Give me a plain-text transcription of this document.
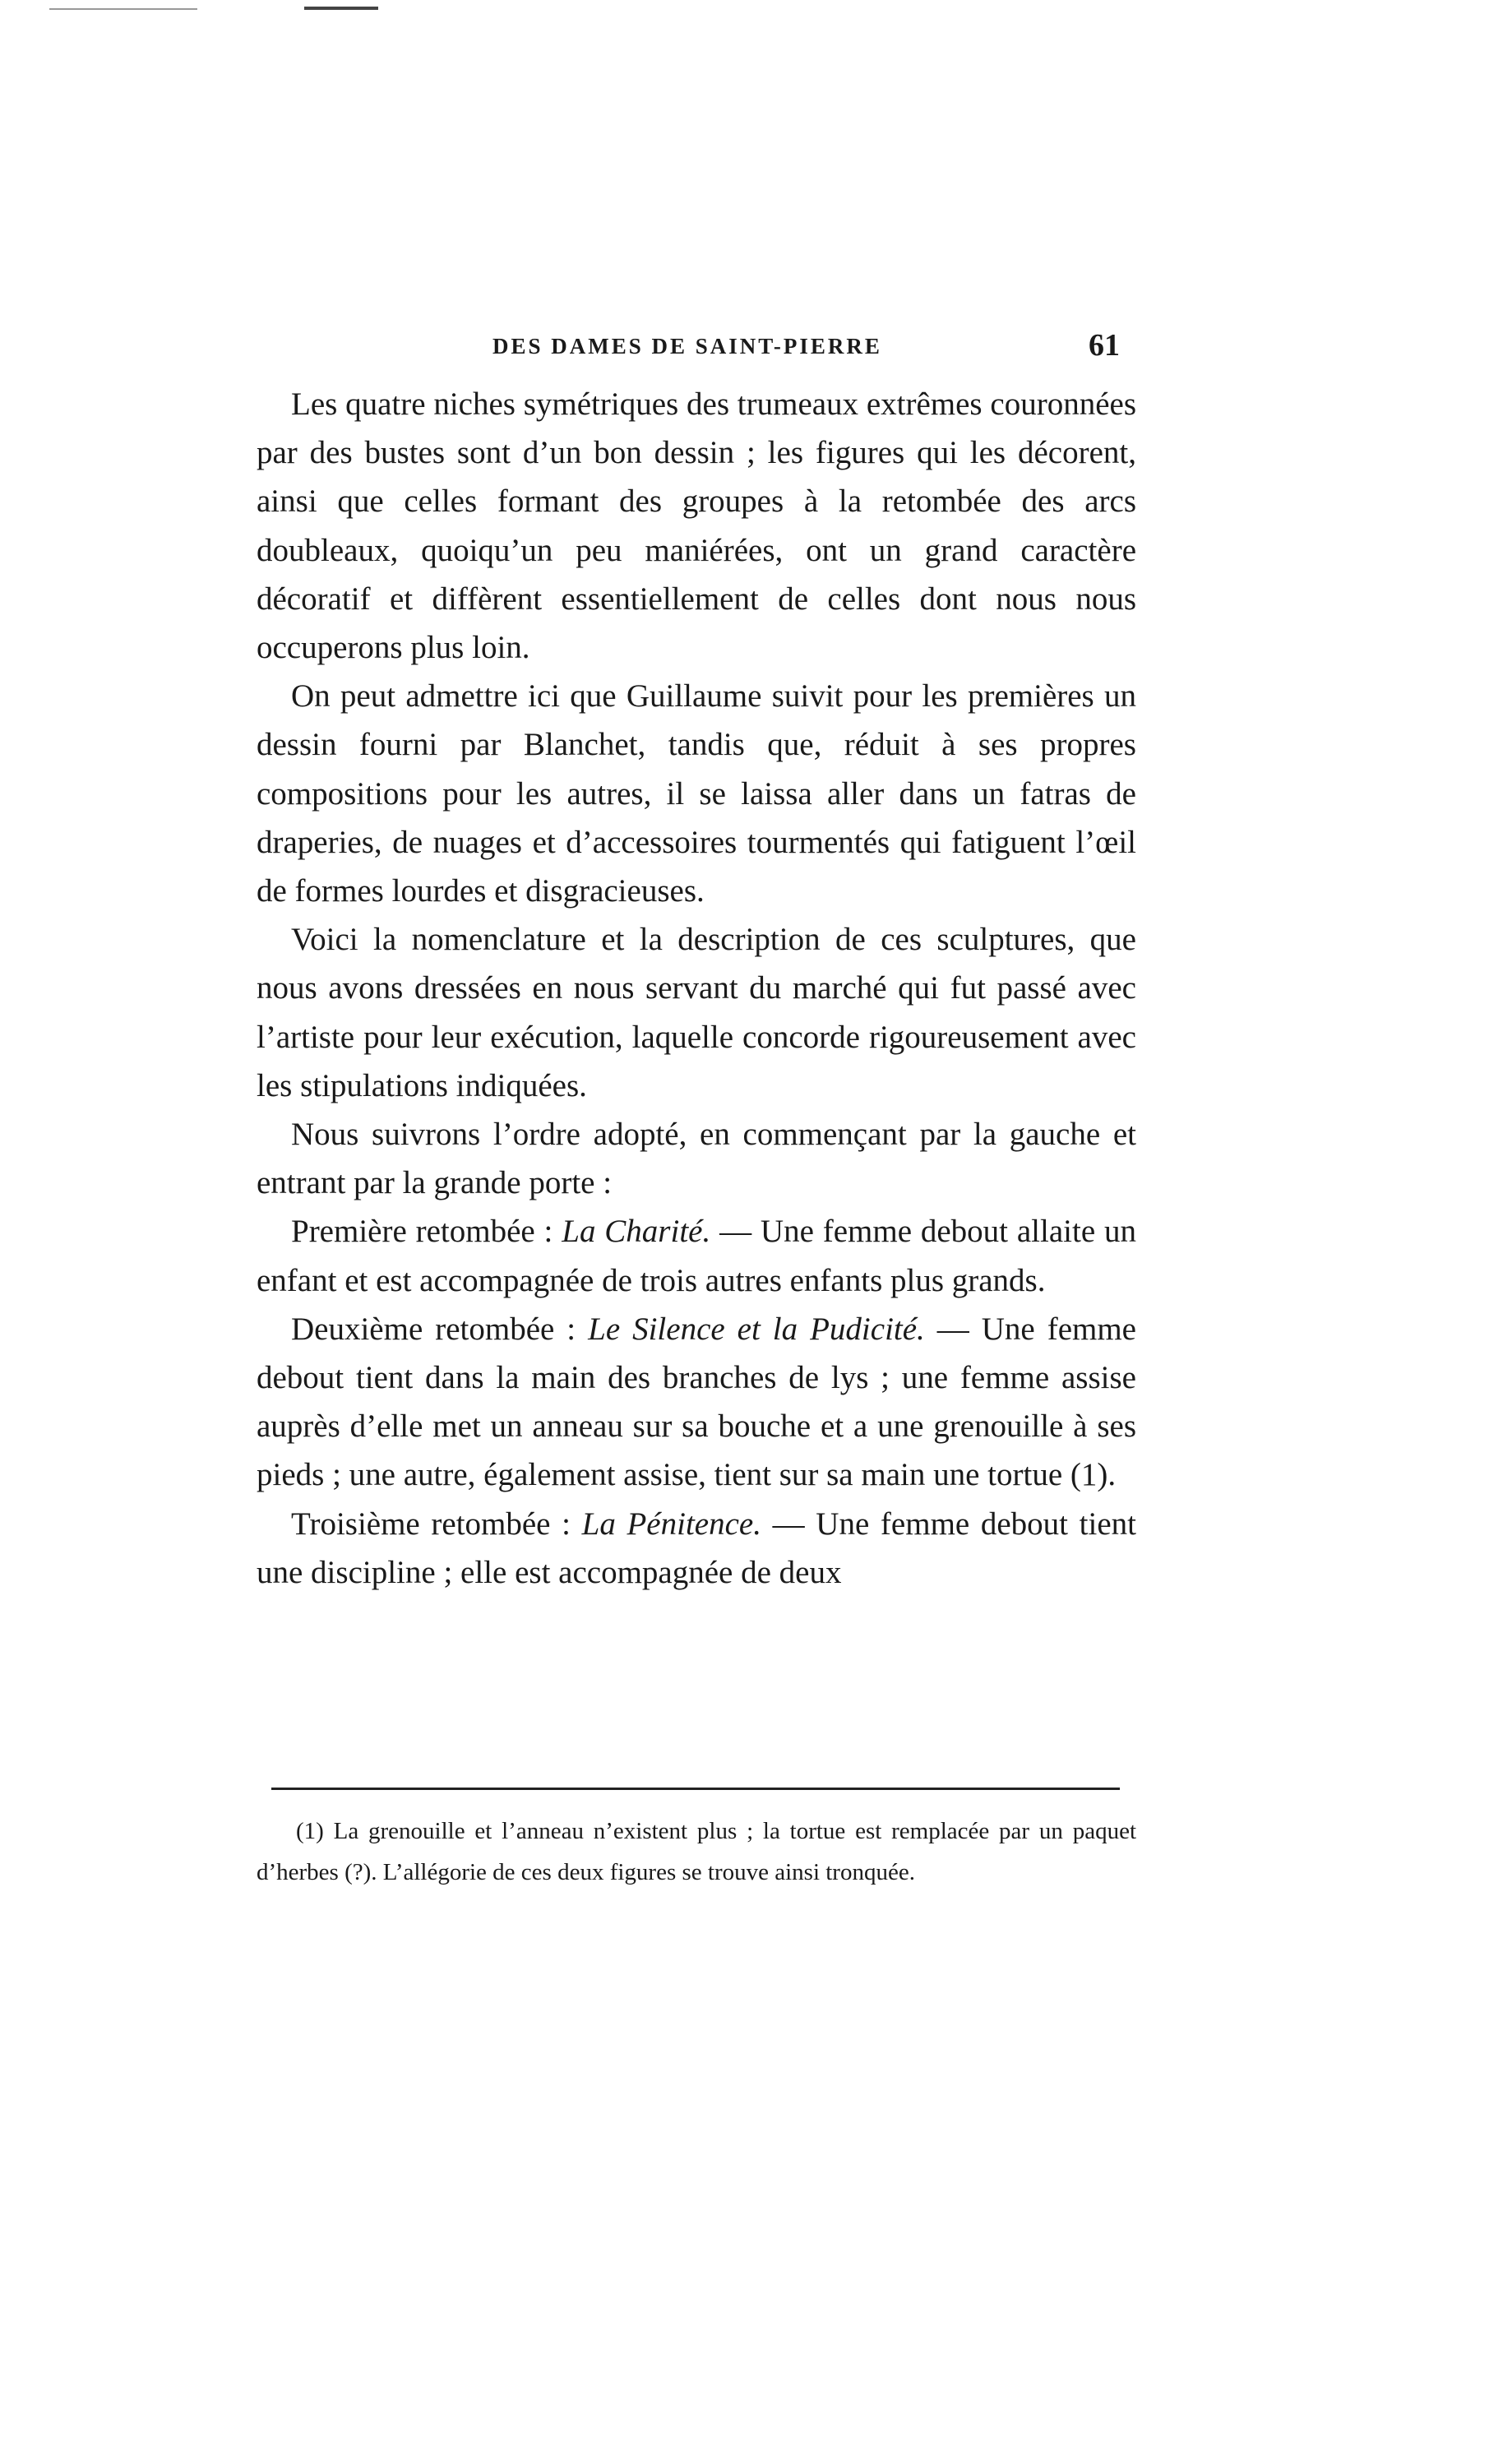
DES DAMES DE SAINT-PIERRE	61

Les quatre niches symétriques des trumeaux extrêmes couronnées par des bustes sont d’un bon dessin ; les figures qui les décorent, ainsi que celles formant des groupes à la retombée des arcs doubleaux, quoiqu’un peu maniérées, ont un grand caractère décoratif et diffèrent essentiellement de celles dont nous nous occuperons plus loin.

On peut admettre ici que Guillaume suivit pour les premières un dessin fourni par Blanchet, tandis que, réduit à ses propres compositions pour les autres, il se laissa aller dans un fatras de draperies, de nuages et d’accessoires tourmentés qui fatiguent l’œil de formes lourdes et disgracieuses.

Voici la nomenclature et la description de ces sculptures, que nous avons dressées en nous servant du marché qui fut passé avec l’artiste pour leur exécution, laquelle concorde rigoureusement avec les stipulations indiquées.

Nous suivrons l’ordre adopté, en commençant par la gauche et entrant par la grande porte :

Première retombée : La Charité. — Une femme debout allaite un enfant et est accompagnée de trois autres enfants plus grands.

Deuxième retombée : Le Silence et la Pudicité. — Une femme debout tient dans la main des branches de lys ; une femme assise auprès d’elle met un anneau sur sa bouche et a une grenouille à ses pieds ; une autre, également assise, tient sur sa main une tortue (1).

Troisième retombée : La Pénitence. — Une femme debout tient une discipline ; elle est accompagnée de deux

(1) La grenouille et l’anneau n’existent plus ; la tortue est remplacée par un paquet d’herbes (?). L’allégorie de ces deux figures se trouve ainsi tronquée.
